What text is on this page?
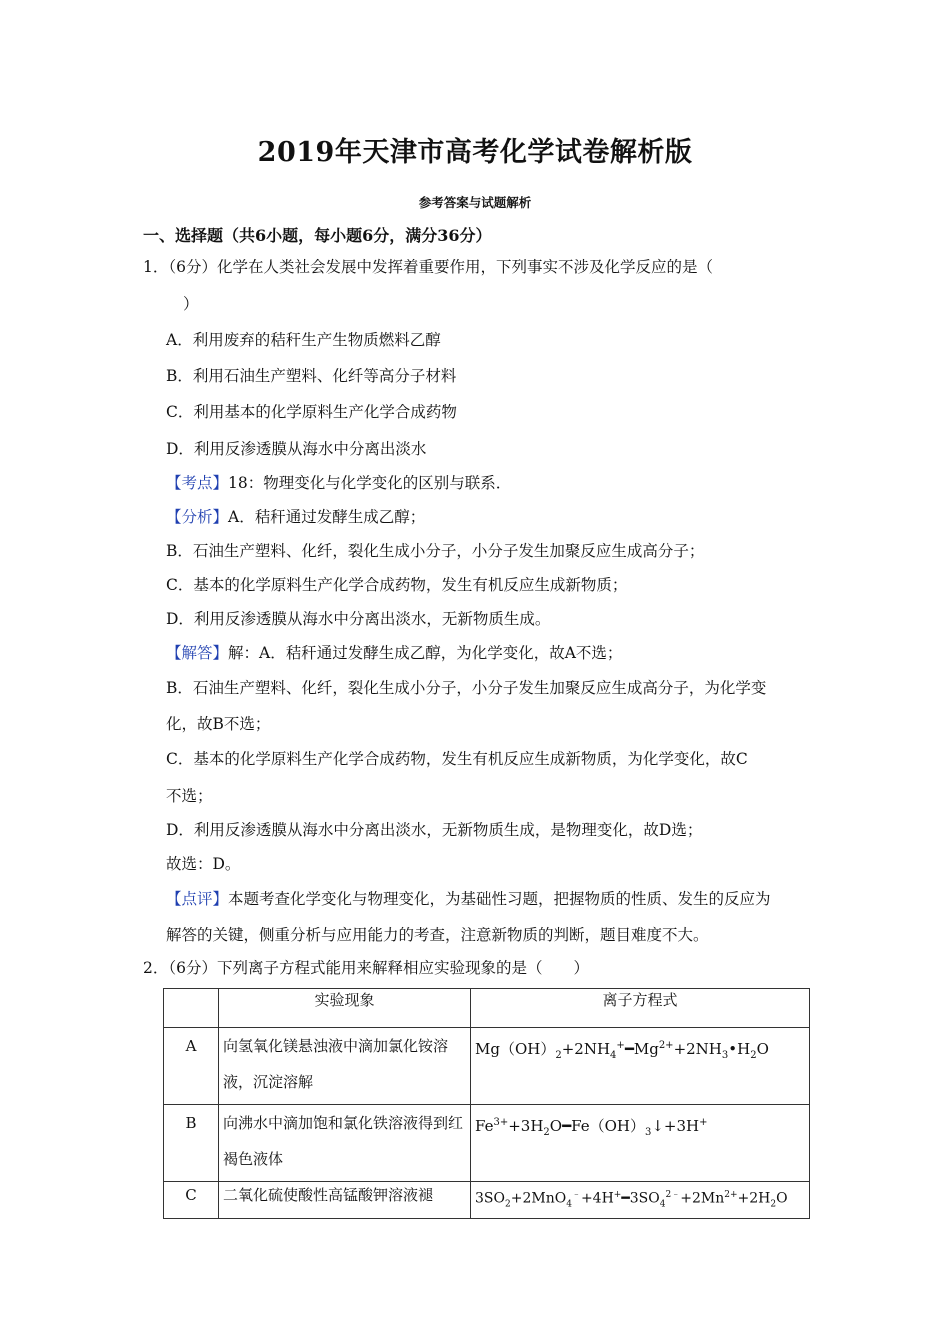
2019年天津市高考化学试卷解析版
参考答案与试题解析
一、选择题（共6小题，每小题6分，满分36分）
1．（6分）化学在人类社会发展中发挥着重要作用，下列事实不涉及化学反应的是（
）
A．利用废弃的秸秆生产生物质燃料乙醇
B．利用石油生产塑料、化纤等高分子材料
C．利用基本的化学原料生产化学合成药物
D．利用反渗透膜从海水中分离出淡水
【考点】18：物理变化与化学变化的区别与联系．
【分析】A．秸秆通过发酵生成乙醇；
B．石油生产塑料、化纤，裂化生成小分子，小分子发生加聚反应生成高分子；
C．基本的化学原料生产化学合成药物，发生有机反应生成新物质；
D．利用反渗透膜从海水中分离出淡水，无新物质生成。
【解答】解：A．秸秆通过发酵生成乙醇，为化学变化，故A不选；
B．石油生产塑料、化纤，裂化生成小分子，小分子发生加聚反应生成高分子，为化学变
化，故B不选；
C．基本的化学原料生产化学合成药物，发生有机反应生成新物质，为化学变化，故C
不选；
D．利用反渗透膜从海水中分离出淡水，无新物质生成，是物理变化，故D选；
故选：D。
【点评】本题考查化学变化与物理变化，为基础性习题，把握物质的性质、发生的反应为
解答的关键，侧重分析与应用能力的考查，注意新物质的判断，题目难度不大。
2．（6分）下列离子方程式能用来解释相应实验现象的是（　　）
	实验现象	离子方程式
A	向氢氧化镁悬浊液中滴加氯化铵溶液，沉淀溶解	$Mg(OH)_2+2NH_4^+━Mg^{2+}+2NH_3•H_2O$
B	向沸水中滴加饱和氯化铁溶液得到红褐色液体	$Fe^{3+}+3H_2O━Fe(OH)_3↓+3H^+$
C	二氧化硫使酸性高锰酸钾溶液褪	$3SO_2+2MnO_4^﹣+4H^+━3SO_4^{2﹣}+2Mn^{2+}+2H_2O$
